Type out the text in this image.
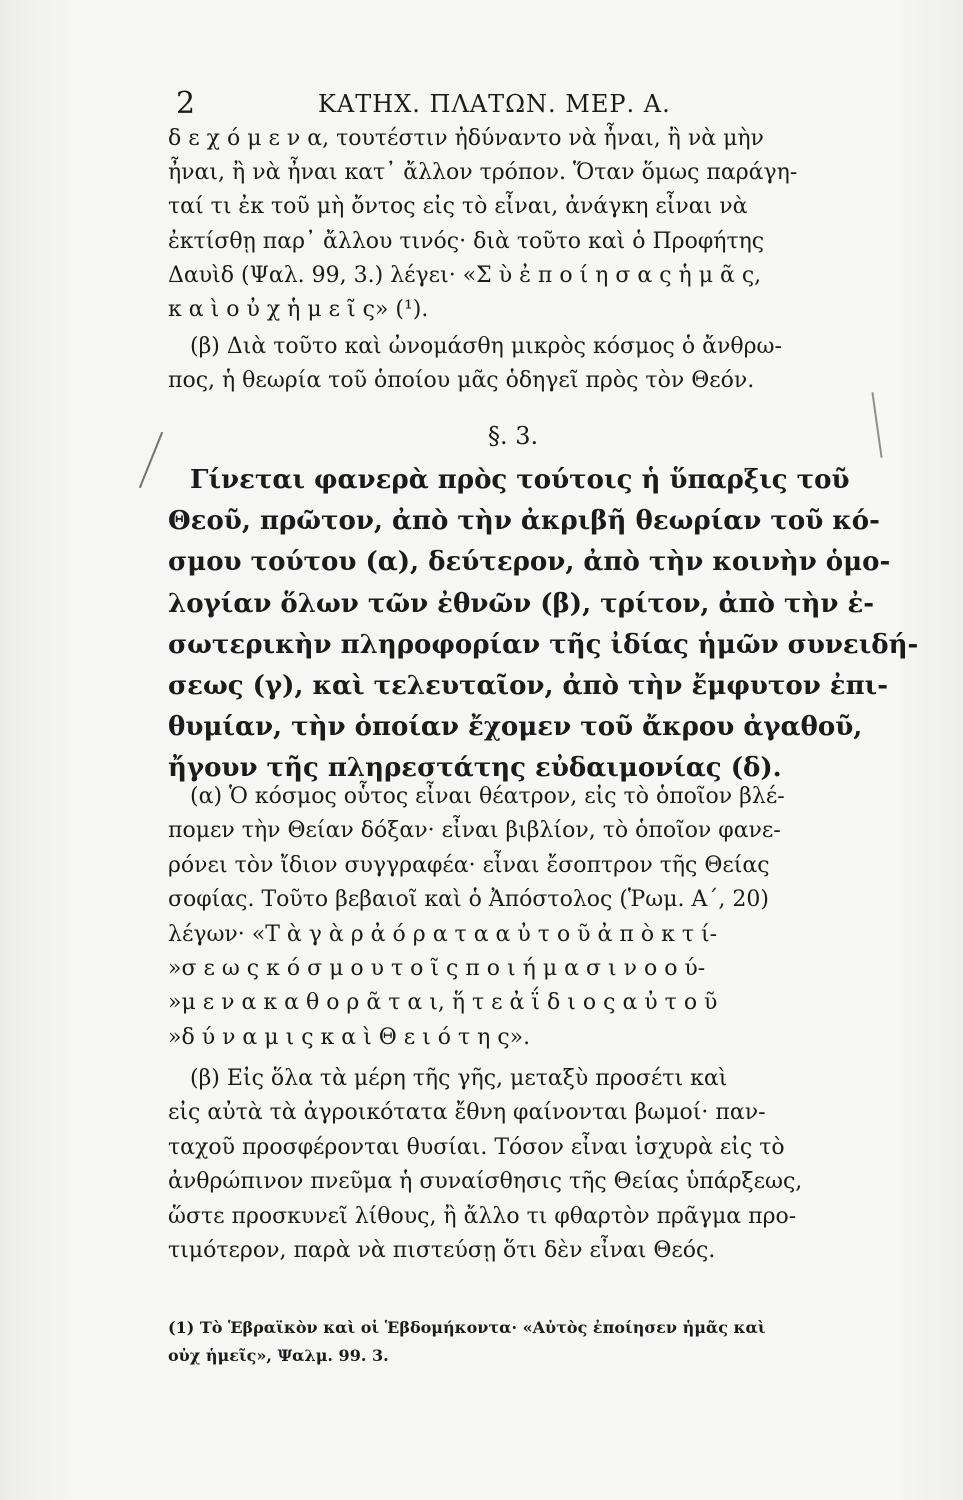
2	ΚΑΤΗΧ. ΠΛΑΤΩΝ. ΜΕΡ. Α.
δ ε χ ό μ ε ν α, τουτέστιν ἠδύναντο νὰ ἦναι, ἢ νὰ μὴν
ἦναι, ἢ νὰ ἦναι κατ᾽ ἄλλον τρόπον. Ὅταν ὅμως παράγη-
ταί τι ἐκ τοῦ μὴ ὄντος εἰς τὸ εἶναι, ἀνάγκη εἶναι νὰ
ἐκτίσθῃ παρ᾽ ἄλλου τινός· διὰ τοῦτο καὶ ὁ Προφήτης
Δαυὶδ (Ψαλ. 99, 3.) λέγει· «Σ ὺ ἐ π ο ί η σ α ς ἡ μ ᾶ ς,
κ α ὶ ο ὐ χ ἡ μ ε ῖ ς» (¹).
(β) Διὰ τοῦτο καὶ ὠνομάσθη μικρὸς κόσμος ὁ ἄνθρω-
πος, ἡ θεωρία τοῦ ὁποίου μᾶς ὁδηγεῖ πρὸς τὸν Θεόν.
§. 3.
Γίνεται φανερὰ πρὸς τούτοις ἡ ὕπαρξις τοῦ
Θεοῦ, πρῶτον, ἀπὸ τὴν ἀκριβῆ θεωρίαν τοῦ κό-
σμου τούτου (α), δεύτερον, ἀπὸ τὴν κοινὴν ὁμο-
λογίαν ὅλων τῶν ἐθνῶν (β), τρίτον, ἀπὸ τὴν ἐ-
σωτερικὴν πληροφορίαν τῆς ἰδίας ἡμῶν συνειδή-
σεως (γ), καὶ τελευταῖον, ἀπὸ τὴν ἔμφυτον ἐπι-
θυμίαν, τὴν ὁποίαν ἔχομεν τοῦ ἄκρου ἀγαθοῦ,
ἤγουν τῆς πληρεστάτης εὐδαιμονίας (δ).
(α) Ὁ κόσμος οὗτος εἶναι θέατρον, εἰς τὸ ὁποῖον βλέ-
πομεν τὴν Θείαν δόξαν· εἶναι βιβλίον, τὸ ὁποῖον φανε-
ρόνει τὸν ἴδιον συγγραφέα· εἶναι ἔσοπτρον τῆς Θείας
σοφίας. Τοῦτο βεβαιοῖ καὶ ὁ Ἀπόστολος (Ῥωμ. Α΄, 20)
λέγων· «Τ ὰ γ ὰ ρ ἀ ό ρ α τ α α ὐ τ ο ῦ ἀ π ὸ κ τ ί-
»σ ε ω ς κ ό σ μ ο υ τ ο ῖ ς π ο ι ή μ α σ ι ν ο ο ύ-
»μ ε ν α κ α θ ο ρ ᾶ τ α ι, ἥ τ ε ἀ ΐ δ ι ο ς α ὐ τ ο ῦ
»δ ύ ν α μ ι ς κ α ὶ Θ ε ι ό τ η ς».
(β) Εἰς ὅλα τὰ μέρη τῆς γῆς, μεταξὺ προσέτι καὶ
εἰς αὐτὰ τὰ ἀγροικότατα ἔθνη φαίνονται βωμοί· παν-
ταχοῦ προσφέρονται θυσίαι. Τόσον εἶναι ἰσχυρὰ εἰς τὸ
ἀνθρώπινον πνεῦμα ἡ συναίσθησις τῆς Θείας ὑπάρξεως,
ὥστε προσκυνεῖ λίθους, ἢ ἄλλο τι φθαρτὸν πρᾶγμα προ-
τιμότερον, παρὰ νὰ πιστεύσῃ ὅτι δὲν εἶναι Θεός.
(1) Τὸ Ἑβραϊκὸν καὶ οἱ Ἑβδομήκοντα· «Αὐτὸς ἐποίησεν ἡμᾶς καὶ
οὐχ ἡμεῖς», Ψαλμ. 99. 3.
